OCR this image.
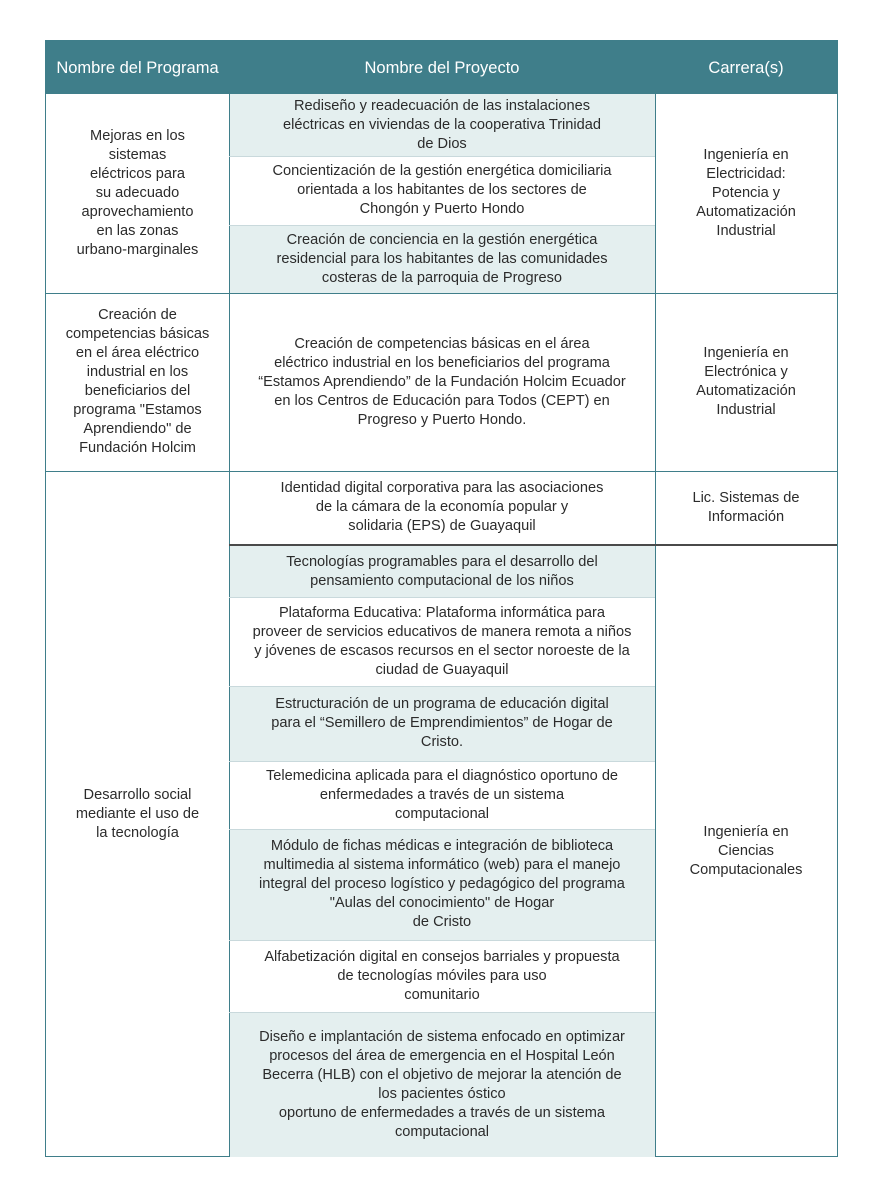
Nombre del Programa	Nombre del Proyecto	Carrera(s)
Mejoras en los
sistemas
eléctricos para
su adecuado
aprovechamiento
en las zonas
urbano-marginales
Rediseño y readecuación de las instalaciones
eléctricas en viviendas de la cooperativa Trinidad
de Dios
Concientización de la gestión energética domiciliaria
orientada a los habitantes de los sectores de
Chongón y Puerto Hondo
Creación de conciencia en la gestión energética
residencial para los habitantes de las comunidades
costeras de la parroquia de Progreso
Ingeniería en
Electricidad:
Potencia y
Automatización
Industrial
Creación de
competencias básicas
en el área eléctrico
industrial en los
beneficiarios del
programa "Estamos
Aprendiendo" de
Fundación Holcim
Creación de competencias básicas en el área
eléctrico industrial en los beneficiarios del programa
“Estamos Aprendiendo” de la Fundación Holcim Ecuador
en los Centros de Educación para Todos (CEPT) en
Progreso y Puerto Hondo.
Ingeniería en
Electrónica y
Automatización
Industrial
Desarrollo social
mediante el uso de
la tecnología
Identidad digital corporativa para las asociaciones
de la cámara de la economía popular y
solidaria (EPS) de Guayaquil
Lic. Sistemas de
Información
Tecnologías programables para el desarrollo del
pensamiento computacional de los niños
Plataforma Educativa: Plataforma informática para
proveer de servicios educativos de manera remota a niños
y jóvenes de escasos recursos en el sector noroeste de la
ciudad de Guayaquil
Estructuración de un programa de educación digital
para el “Semillero de Emprendimientos” de Hogar de
Cristo.
Telemedicina aplicada para el diagnóstico oportuno de
enfermedades a través de un sistema
computacional
Módulo de fichas médicas e integración de biblioteca
multimedia al sistema informático (web) para el manejo
integral del proceso logístico y pedagógico del programa
"Aulas del conocimiento" de Hogar
de Cristo
Alfabetización digital en consejos barriales y propuesta
de tecnologías móviles para uso
comunitario
Diseño e implantación de sistema enfocado en optimizar
procesos del área de emergencia en el Hospital León
Becerra (HLB) con el objetivo de mejorar la atención de
los pacientes óstico
oportuno de enfermedades a través de un sistema
computacional
Ingeniería en
Ciencias
Computacionales
